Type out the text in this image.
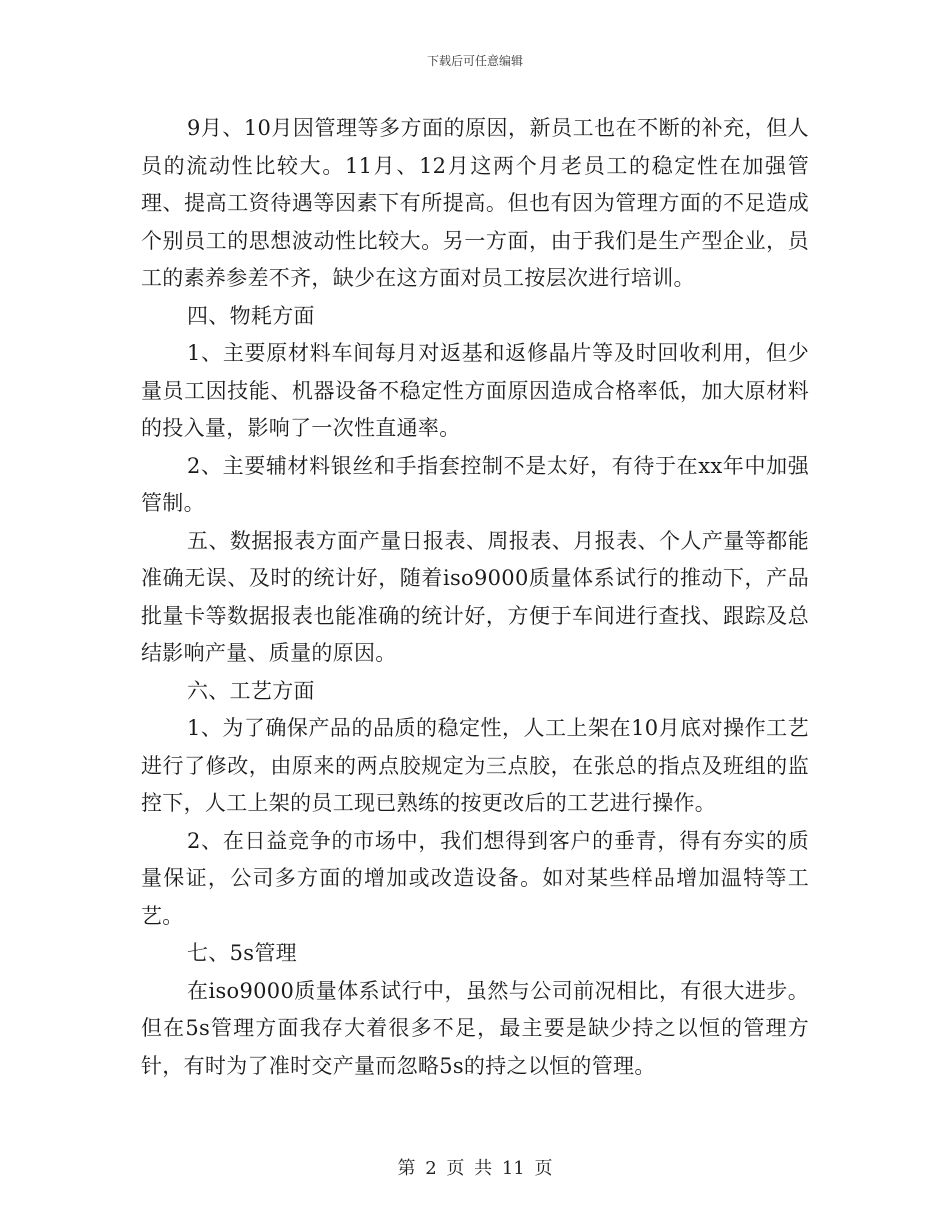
下载后可任意编辑

9月、10月因管理等多方面的原因，新员工也在不断的补充，但人员的流动性比较大。11月、12月这两个月老员工的稳定性在加强管理、提高工资待遇等因素下有所提高。但也有因为管理方面的不足造成个别员工的思想波动性比较大。另一方面，由于我们是生产型企业，员工的素养参差不齐，缺少在这方面对员工按层次进行培训。

四、物耗方面

1、主要原材料车间每月对返基和返修晶片等及时回收利用，但少量员工因技能、机器设备不稳定性方面原因造成合格率低，加大原材料的投入量，影响了一次性直通率。

2、主要辅材料银丝和手指套控制不是太好，有待于在xx年中加强管制。

五、数据报表方面产量日报表、周报表、月报表、个人产量等都能准确无误、及时的统计好，随着iso9000质量体系试行的推动下，产品批量卡等数据报表也能准确的统计好，方便于车间进行查找、跟踪及总结影响产量、质量的原因。

六、工艺方面

1、为了确保产品的品质的稳定性，人工上架在10月底对操作工艺进行了修改，由原来的两点胶规定为三点胶，在张总的指点及班组的监控下，人工上架的员工现已熟练的按更改后的工艺进行操作。

2、在日益竞争的市场中，我们想得到客户的垂青，得有夯实的质量保证，公司多方面的增加或改造设备。如对某些样品增加温特等工艺。

七、5s管理

在iso9000质量体系试行中，虽然与公司前况相比，有很大进步。但在5s管理方面我存大着很多不足，最主要是缺少持之以恒的管理方针，有时为了准时交产量而忽略5s的持之以恒的管理。

第 2 页 共 11 页
